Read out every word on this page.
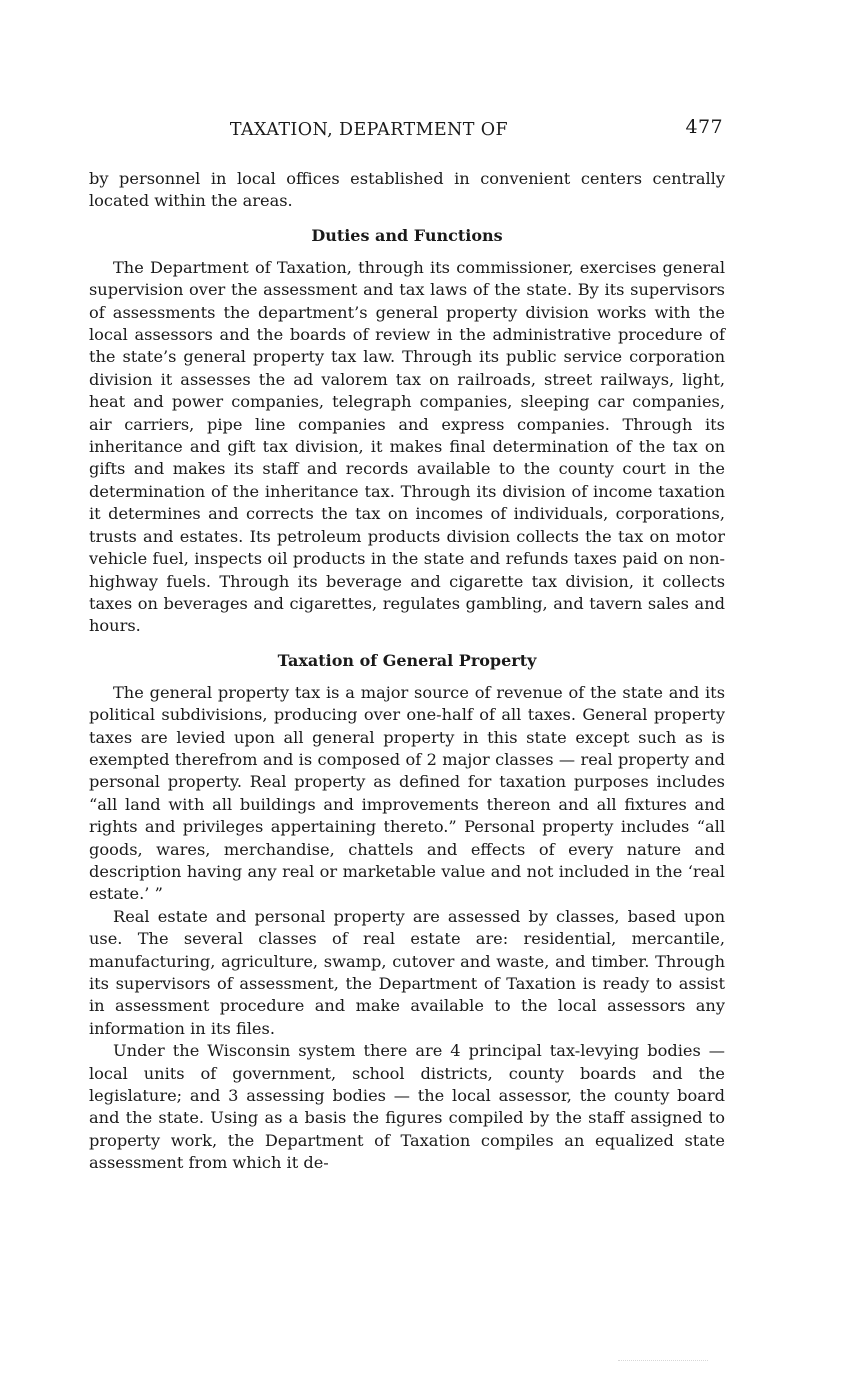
TAXATION, DEPARTMENT OF	477

by personnel in local offices established in convenient centers centrally located within the areas.

Duties and Functions

The Department of Taxation, through its commissioner, exercises general supervision over the assessment and tax laws of the state. By its supervisors of assessments the department’s general property division works with the local assessors and the boards of review in the administrative procedure of the state’s general property tax law. Through its public service corporation division it assesses the ad valorem tax on railroads, street railways, light, heat and power companies, telegraph companies, sleeping car companies, air carriers, pipe line companies and express companies. Through its inheritance and gift tax division, it makes final determination of the tax on gifts and makes its staff and records available to the county court in the determination of the inheritance tax. Through its division of income taxation it determines and corrects the tax on incomes of individuals, corporations, trusts and estates. Its petroleum products division collects the tax on motor vehicle fuel, inspects oil products in the state and refunds taxes paid on nonhighway fuels. Through its beverage and cigarette tax division, it collects taxes on beverages and cigarettes, regulates gambling, and tavern sales and hours.

Taxation of General Property

The general property tax is a major source of revenue of the state and its political subdivisions, producing over one-half of all taxes. General property taxes are levied upon all general property in this state except such as is exempted therefrom and is composed of 2 major classes — real property and personal property. Real property as defined for taxation purposes includes “all land with all buildings and improvements thereon and all fixtures and rights and privileges appertaining thereto.” Personal property includes “all goods, wares, merchandise, chattels and effects of every nature and description having any real or marketable value and not included in the ‘real estate.’ ”

Real estate and personal property are assessed by classes, based upon use. The several classes of real estate are: residential, mercantile, manufacturing, agriculture, swamp, cutover and waste, and timber. Through its supervisors of assessment, the Department of Taxation is ready to assist in assessment procedure and make available to the local assessors any information in its files.

Under the Wisconsin system there are 4 principal tax-levying bodies — local units of government, school districts, county boards and the legislature; and 3 assessing bodies — the local assessor, the county board and the state. Using as a basis the figures compiled by the staff assigned to property work, the Department of Taxation compiles an equalized state assessment from which it de-
